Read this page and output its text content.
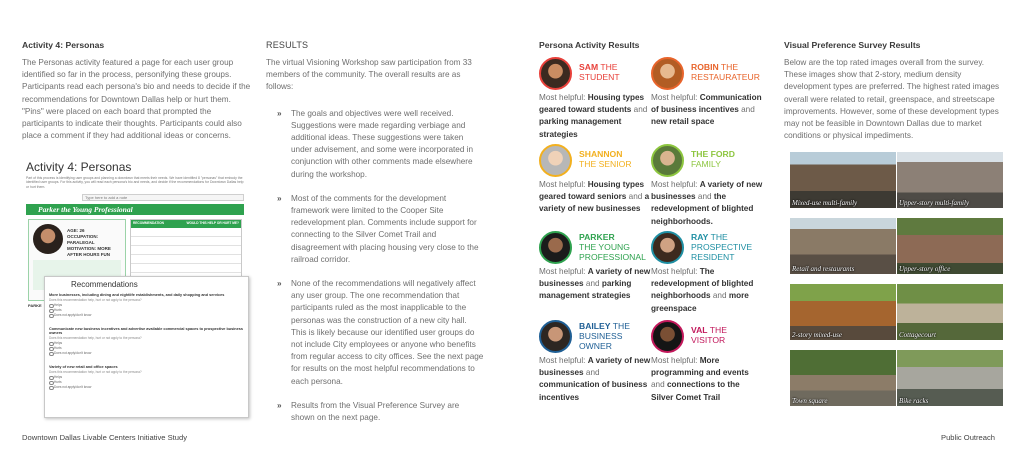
Activity 4: Personas
The Personas activity featured a page for each user group identified so far in the process, personifying these groups. Participants read each persona's bio and needs to decide if the recommendations for Downtown Dallas help or hurt them. "Pins" were placed on each board that prompted the participants to indicate their thoughts. Participants could also place a comment if they had additional ideas or concerns.
Activity 4: Personas
Part of this process is identifying user groups and planning a downtown that meets their needs. We have identified 8 "personas" that embody the identified user groups. For this activity, you will read each persona's bio and needs, and decide if the recommendations for Downtown Dallas help or hurt them.
Type here to add a note
Parker the Young Professional
AGE: 26
OCCUPATION: PARALEGAL
MOTIVATION: MORE AFTER HOURS FUN
RECOMMENDATION	WOULD THIS HELP OR HURT ME?
PARKE
Recommendations
More businesses, including dining and nightlife establishments, and daily shopping and services
Does this recommendation help, hurt or not apply to the persona?
Helps
Hurts
Does not apply/don't know
Communicate new business incentives and advertise available commercial spaces to prospective business owners
Does this recommendation help, hurt or not apply to the persona?
Helps
Hurts
Does not apply/don't know
Variety of new retail and office spaces
Does this recommendation help, hurt or not apply to the persona?
Helps
Hurts
Does not apply/don't know
RESULTS
The virtual Visioning Workshop saw participation from 33 members of the community. The overall results are as follows:
» The goals and objectives were well received. Suggestions were made regarding verbiage and additional ideas. These suggestions were taken under advisement, and some were incorporated in conjunction with other comments made elsewhere during the workshop.
» Most of the comments for the development framework were limited to the Cooper Site redevelopment plan. Comments include support for connecting to the Silver Comet Trail and disagreement with placing housing very close to the railroad corridor.
» None of the recommendations will negatively affect any user group. The one recommendation that participants ruled as the most inapplicable to the personas was the construction of a new city hall. This is likely because our identified user groups do not include City employees or anyone who benefits from regular access to city offices. See the next page for results on the most helpful recommendations to each persona.
» Results from the Visual Preference Survey are shown on the next page.
Persona Activity Results
SAM THE
STUDENT
Most helpful: Housing types geared toward students and parking management strategies
ROBIN THE
RESTAURATEUR
Most helpful: Communication of business incentives and new retail space
SHANNON
THE SENIOR
Most helpful: Housing types geared toward seniors and a variety of new businesses
THE FORD
FAMILY
Most helpful: A variety of new businesses and the redevelopment of blighted neighborhoods.
PARKER
THE YOUNG
PROFESSIONAL
Most helpful: A variety of new businesses and parking management strategies
RAY THE
PROSPECTIVE
RESIDENT
Most helpful: The redevelopment of blighted neighborhoods and more greenspace
BAILEY THE
BUSINESS
OWNER
Most helpful: A variety of new businesses and communication of business incentives
VAL THE
VISITOR
Most helpful: More programming and events and connections to the Silver Comet Trail
Visual Preference Survey Results
Below are the top rated images overall from the survey. These images show that 2-story, medium density development types are preferred. The highest rated images overall were related to retail, greenspace, and streetscape improvements. However, some of these development types may not be feasible in Downtown Dallas due to market conditions or physical impediments.
Mixed-use multi-family	Upper-story multi-family
Retail and restaurants	Upper-story office
2-story mixed-use	Cottagecourt
Town square	Bike racks
Downtown Dallas Livable Centers Initiative Study	Public Outreach
